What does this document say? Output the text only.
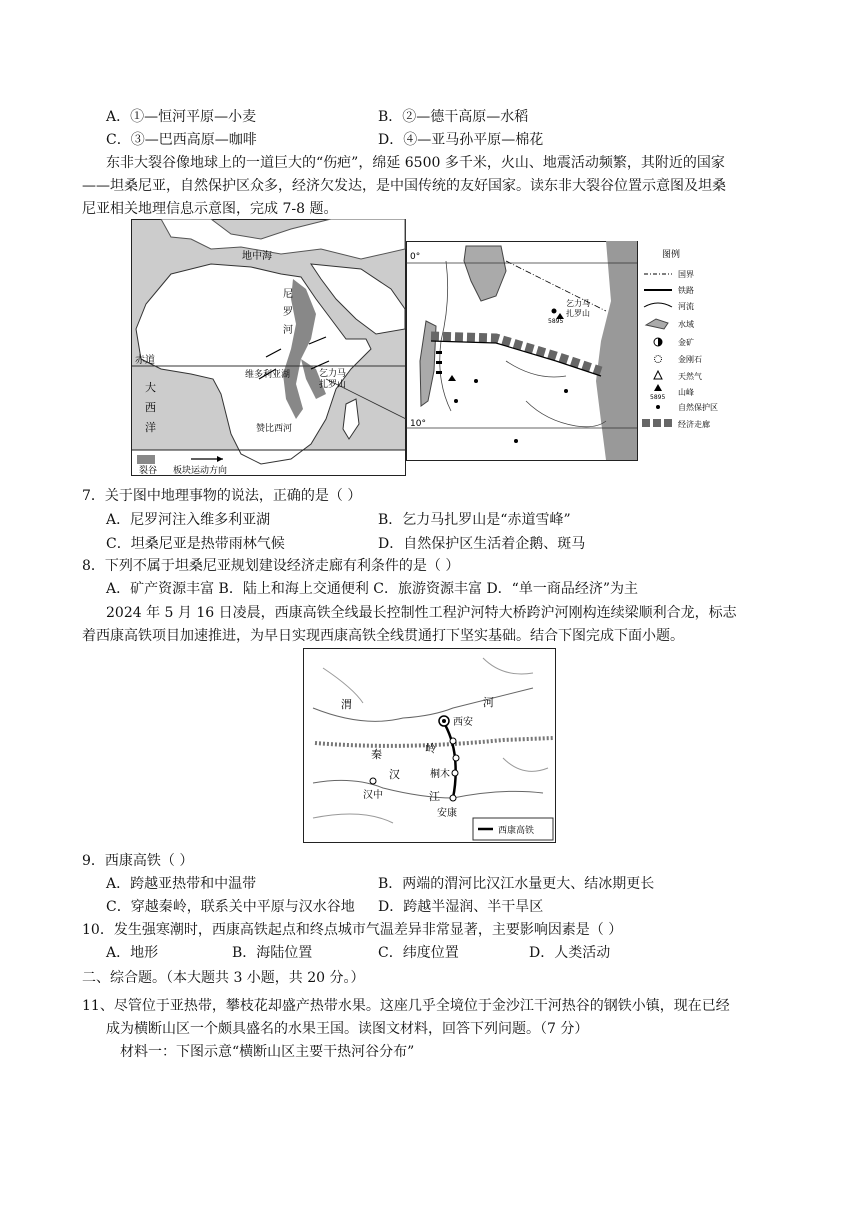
A．①—恒河平原—小麦	B．②—德干高原—水稻
C．③—巴西高原—咖啡	D．④—亚马孙平原—棉花
东非大裂谷像地球上的一道巨大的“伤疤”，绵延 6500 多千米，火山、地震活动频繁，其附近的国家
——坦桑尼亚，自然保护区众多，经济欠发达，是中国传统的友好国家。读东非大裂谷位置示意图及坦桑
尼亚相关地理信息示意图，完成 7-8 题。
地中海
尼
罗
河
赤道
大
西
洋
维多利亚湖	乞力马
扎罗山
赞比西河
裂谷 板块运动方向
0°
10°
乞力马
扎罗山
5895
图例
国界
铁路
河流
水域
金矿
金刚石
天然气
5895
山峰
自然保护区
经济走廊
7．关于图中地理事物的说法，正确的是（ ）
A．尼罗河注入维多利亚湖	B．乞力马扎罗山是“赤道雪峰”
C．坦桑尼亚是热带雨林气候	D．自然保护区生活着企鹅、斑马
8．下列不属于坦桑尼亚规划建设经济走廊有利条件的是（ ）
A．矿产资源丰富 B．陆上和海上交通便利 C．旅游资源丰富 D．“单一商品经济”为主
2024 年 5 月 16 日凌晨，西康高铁全线最长控制性工程沪河特大桥跨沪河刚构连续梁顺利合龙，标志
着西康高铁项目加速推进，为早日实现西康高铁全线贯通打下坚实基础。结合下图完成下面小题。
渭	河
西安
秦	岭
汉
江
汉中
桐木
安康
西康高铁
9．西康高铁（ ）
A．跨越亚热带和中温带	B．两端的渭河比汉江水量更大、结冰期更长
C．穿越秦岭，联系关中平原与汉水谷地 D．跨越半湿润、半干旱区
10．发生强寒潮时，西康高铁起点和终点城市气温差异非常显著，主要影响因素是（ ）
A．地形	B．海陆位置	C．纬度位置	D．人类活动
二、综合题。（本大题共 3 小题，共 20 分。）
11、尽管位于亚热带，攀枝花却盛产热带水果。这座几乎全境位于金沙江干河热谷的钢铁小镇，现在已经
成为横断山区一个颇具盛名的水果王国。读图文材料，回答下列问题。（7 分）
材料一：下图示意“横断山区主要干热河谷分布”
